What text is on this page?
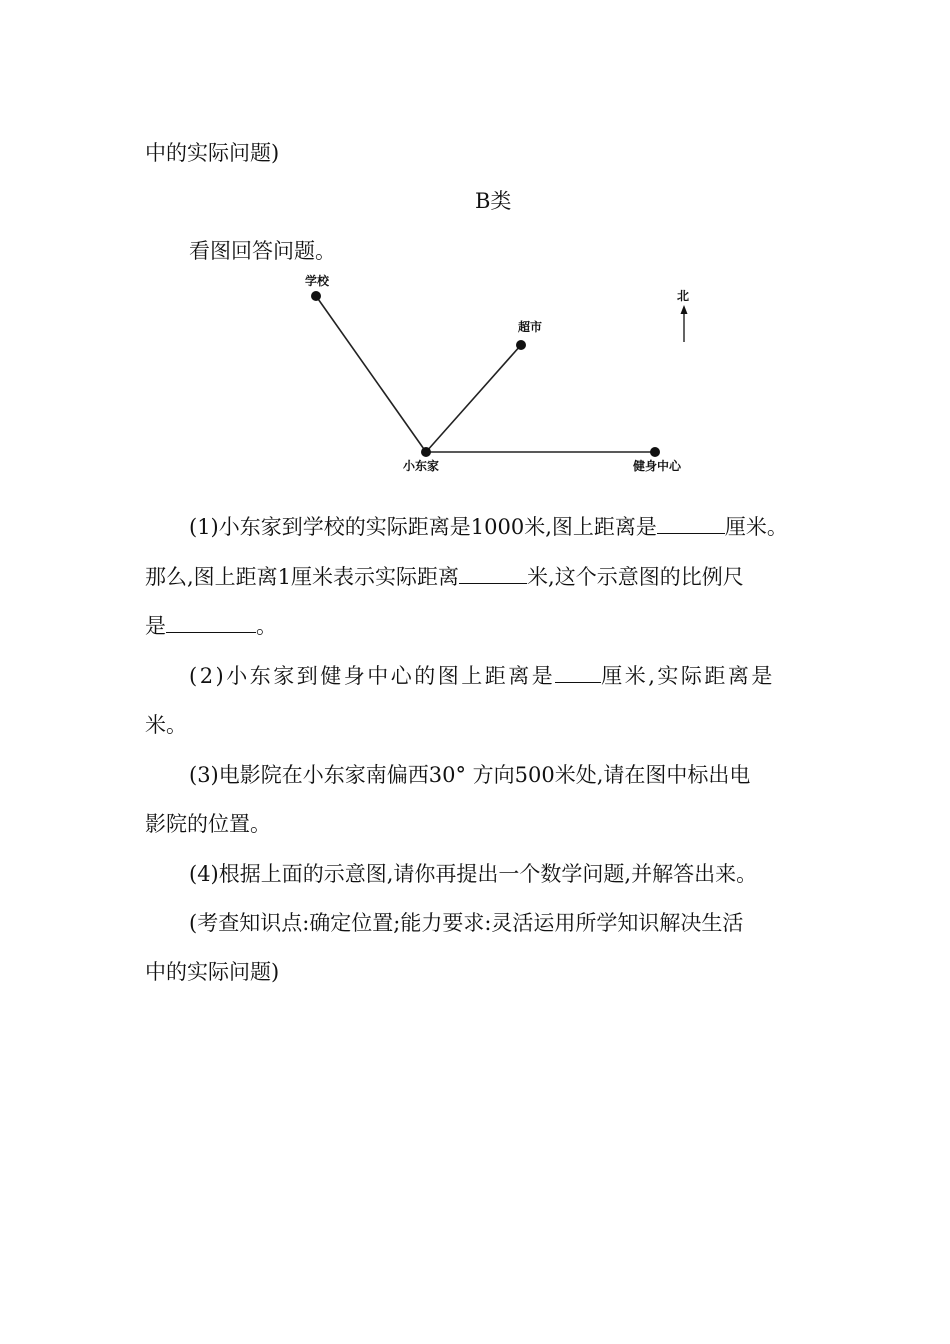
中的实际问题)
B类
看图回答问题。
学校
超市
小东家	健身中心
北
(1)小东家到学校的实际距离是1000米,图上距离是	厘米。
那么,图上距离1厘米表示实际距离	米,这个示意图的比例尺
是	。
(2)小东家到健身中心的图上距离是 厘米,实际距离是
米。
(3)电影院在小东家南偏西30° 方向500米处,请在图中标出电
影院的位置。
(4)根据上面的示意图,请你再提出一个数学问题,并解答出来。
(考查知识点:确定位置;能力要求:灵活运用所学知识解决生活
中的实际问题)
